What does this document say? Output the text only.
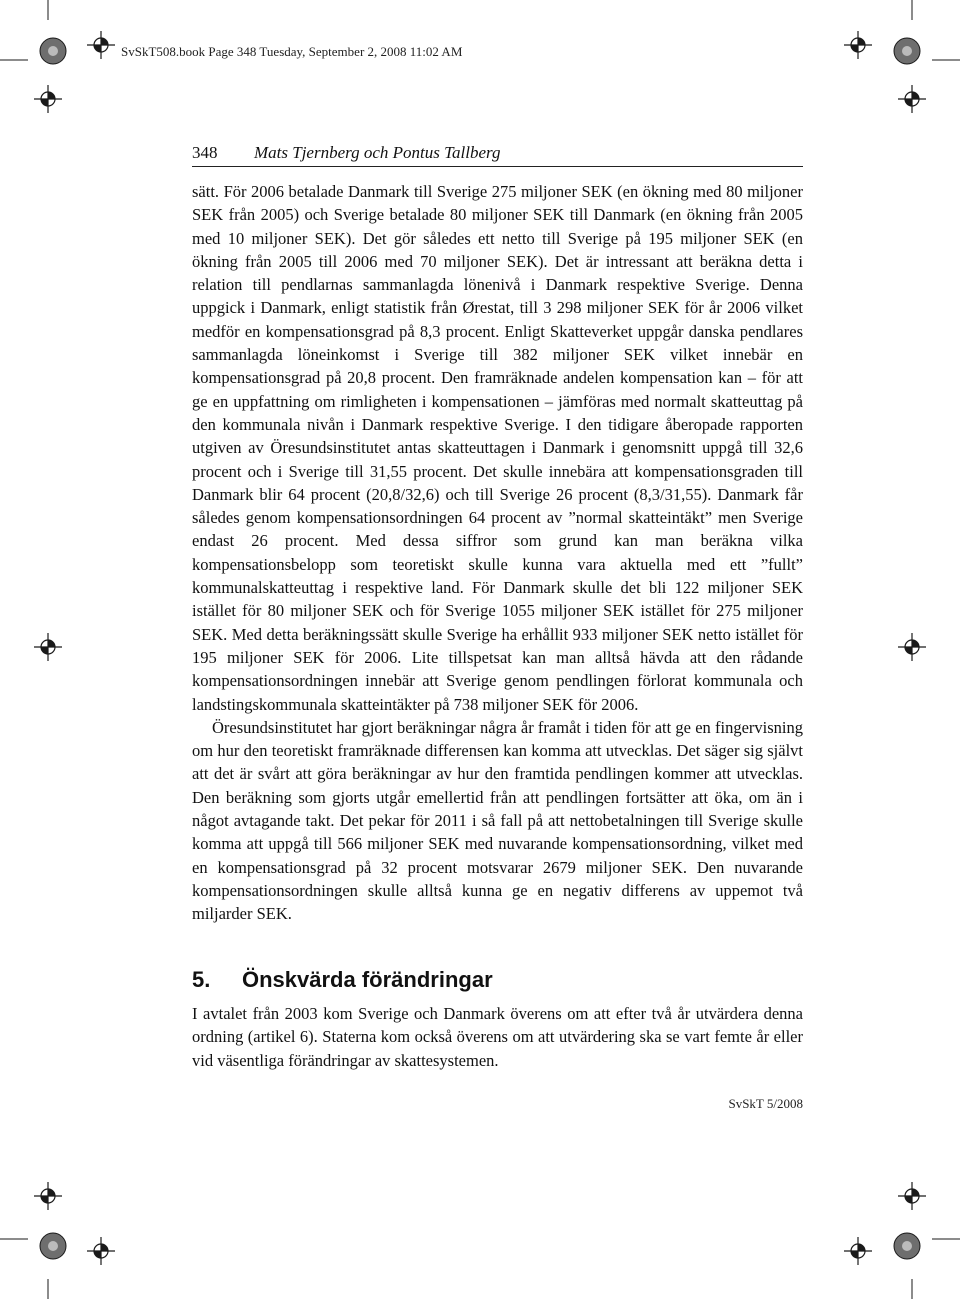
SvSkT508.book Page 348 Tuesday, September 2, 2008 11:02 AM
348 Mats Tjernberg och Pontus Tallberg

sätt. För 2006 betalade Danmark till Sverige 275 miljoner SEK (en ökning med 80 miljoner SEK från 2005) och Sverige betalade 80 miljoner SEK till Danmark (en ökning från 2005 med 10 miljoner SEK). Det gör således ett netto till Sverige på 195 miljoner SEK (en ökning från 2005 till 2006 med 70 miljoner SEK). Det är intressant att beräkna detta i relation till pendlarnas sammanlagda lönenivå i Danmark respektive Sverige. Denna uppgick i Danmark, enligt statistik från Ørestat, till 3 298 miljoner SEK för år 2006 vilket medför en kompensationsgrad på 8,3 procent. Enligt Skatteverket uppgår danska pendlares sammanlagda löneinkomst i Sverige till 382 miljoner SEK vilket innebär en kompensationsgrad på 20,8 procent. Den framräknade andelen kompensation kan – för att ge en uppfattning om rimligheten i kompensationen – jämföras med normalt skatteuttag på den kommunala nivån i Danmark respektive Sverige. I den tidigare åberopade rapporten utgiven av Öresundsinstitutet antas skatteuttagen i Danmark i genomsnitt uppgå till 32,6 procent och i Sverige till 31,55 procent. Det skulle innebära att kompensationsgraden till Danmark blir 64 procent (20,8/32,6) och till Sverige 26 procent (8,3/31,55). Danmark får således genom kompensationsordningen 64 procent av ”normal skatteintäkt” men Sverige endast 26 procent. Med dessa siffror som grund kan man beräkna vilka kompensationsbelopp som teoretiskt skulle kunna vara aktuella med ett ”fullt” kommunalskatteuttag i respektive land. För Danmark skulle det bli 122 miljoner SEK istället för 80 miljoner SEK och för Sverige 1055 miljoner SEK istället för 275 miljoner SEK. Med detta beräkningssätt skulle Sverige ha erhållit 933 miljoner SEK netto istället för 195 miljoner SEK för 2006. Lite tillspetsat kan man alltså hävda att den rådande kompensationsordningen innebär att Sverige genom pendlingen förlorat kommunala och landstingskommunala skatteintäkter på 738 miljoner SEK för 2006.

Öresundsinstitutet har gjort beräkningar några år framåt i tiden för att ge en fingervisning om hur den teoretiskt framräknade differensen kan komma att utvecklas. Det säger sig självt att det är svårt att göra beräkningar av hur den framtida pendlingen kommer att utvecklas. Den beräkning som gjorts utgår emellertid från att pendlingen fortsätter att öka, om än i något avtagande takt. Det pekar för 2011 i så fall på att nettobetalningen till Sverige skulle komma att uppgå till 566 miljoner SEK med nuvarande kompensationsordning, vilket med en kompensationsgrad på 32 procent motsvarar 2679 miljoner SEK. Den nuvarande kompensationsordningen skulle alltså kunna ge en negativ differens av uppemot två miljarder SEK.

5. Önskvärda förändringar

I avtalet från 2003 kom Sverige och Danmark överens om att efter två år utvärdera denna ordning (artikel 6). Staterna kom också överens om att utvärdering ska se vart femte år eller vid väsentliga förändringar av skattesystemen.

SvSkT 5/2008
